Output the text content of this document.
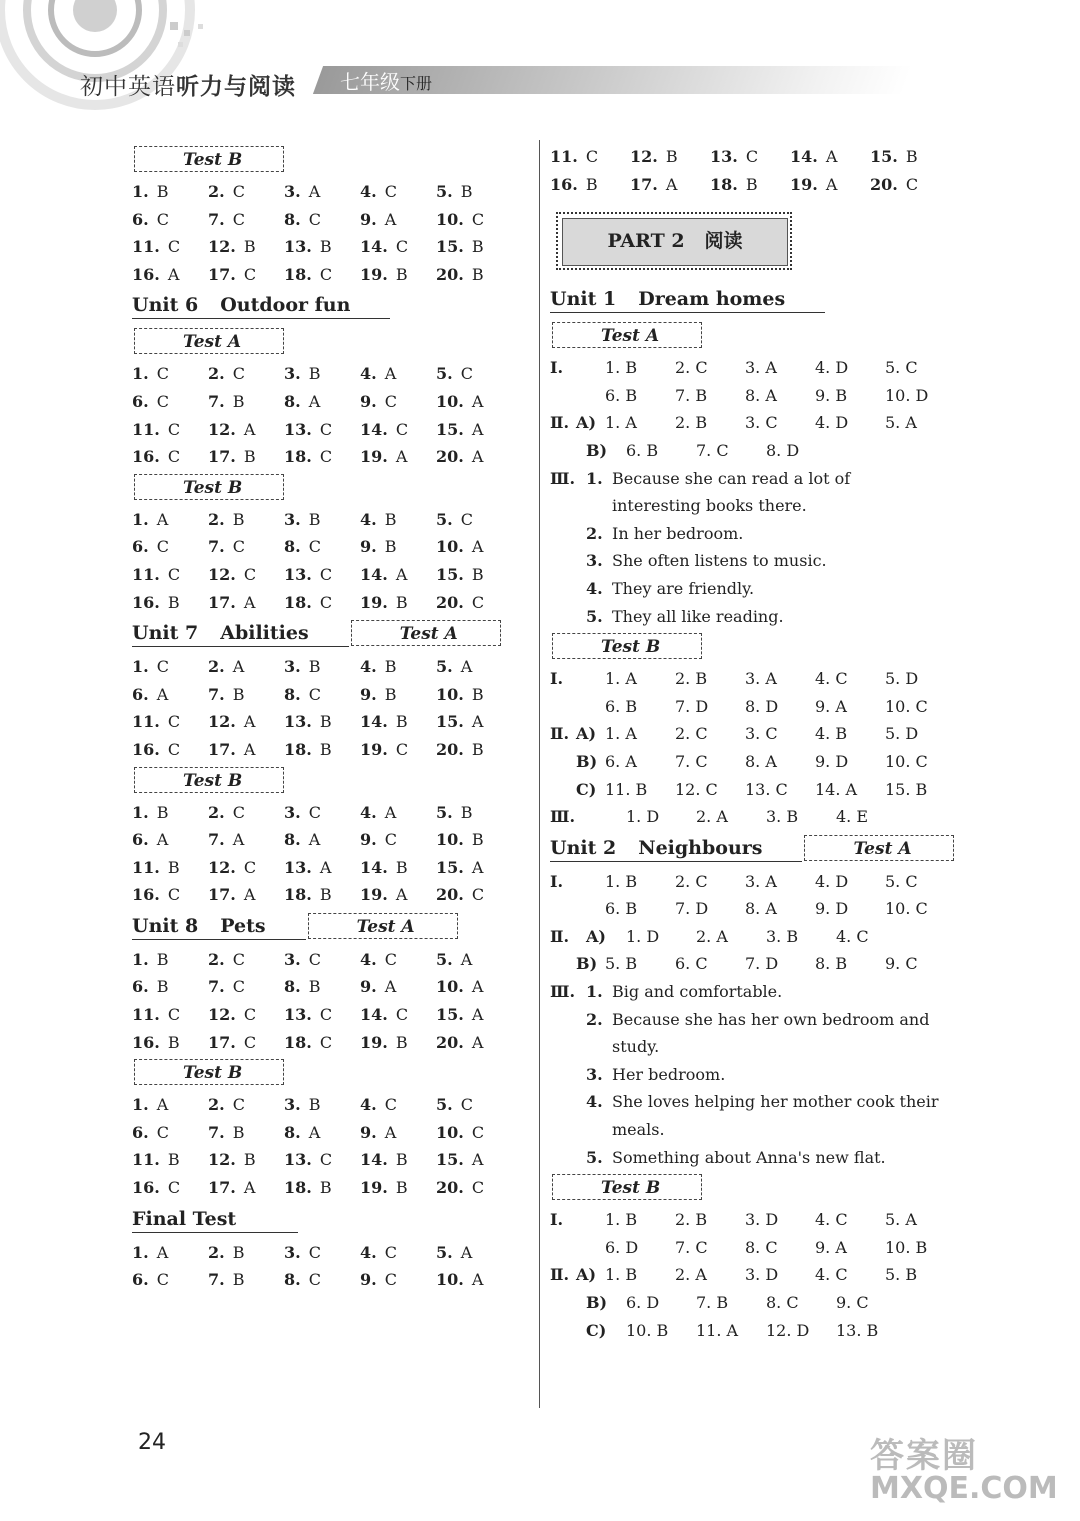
初中英语听力与阅读 七年级下册
Test B
1. B	2. C	3. A	4. C	5. B
6. C	7. C	8. C	9. A	10. C
11. C	12. B	13. B	14. C	15. B
16. A	17. C	18. C	19. B	20. B
Unit 6 Outdoor funTest A
1. C	2. C	3. B	4. A	5. C
6. C	7. B	8. A	9. C	10. A
11. C	12. A	13. C	14. C	15. A
16. C	17. B	18. C	19. A	20. A
Test B
1. A	2. B	3. B	4. B	5. C
6. C	7. C	8. C	9. B	10. A
11. C	12. C	13. C	14. A	15. B
16. B	17. A	18. C	19. B	20. C
Unit 7 Abilities	Test A
1. C	2. A	3. B	4. B	5. A
6. A	7. B	8. C	9. B	10. B
11. C	12. A	13. B	14. B	15. A
16. C	17. A	18. B	19. C	20. B
Test B
1. B	2. C	3. C	4. A	5. B
6. A	7. A	8. A	9. C	10. B
11. B	12. C	13. A	14. B	15. A
16. C	17. A	18. B	19. A	20. C
Unit 8 Pets	Test A
1. B	2. C	3. C	4. C	5. A
6. B	7. C	8. B	9. A	10. A
11. C	12. C	13. C	14. C	15. A
16. B	17. C	18. C	19. B	20. A
Test B
1. A	2. C	3. B	4. C	5. C
6. C	7. B	8. A	9. A	10. C
11. B	12. B	13. C	14. B	15. A
16. C	17. A	18. B	19. B	20. C
Final Test
1. A	2. B	3. C	4. C	5. A
6. C	7. B	8. C	9. C	10. A
11. C	12. B	13. C	14. A	15. B
16. B	17. A	18. B	19. A	20. C
PART 2 阅读
Unit 1 Dream homesTest A
Ⅰ.	1. B	2. C	3. A	4. D	5. C
6. B	7. B	8. A	9. B	10. D
Ⅱ. A) 1. A	2. B	3. C	4. D	5. A
B)	6. B	7. C	8. D
Ⅲ. 1. Because she can read a lot of
interesting books there.
2. In her bedroom.
3. She often listens to music.
4. They are friendly.
5. They all like reading.
Test B
Ⅰ.	1. A	2. B	3. A	4. C	5. D
6. B	7. D	8. D	9. A	10. C
Ⅱ. A) 1. A	2. C	3. C	4. B	5. D
B) 6. A	7. C	8. A	9. D	10. C
C) 11. B	12. C	13. C	14. A	15. B
Ⅲ.	1. D	2. A	3. B	4. E
Unit 2 Neighbours	Test A
Ⅰ.	1. B	2. C	3. A	4. D	5. C
6. B	7. D	8. A	9. D	10. C
Ⅱ.	A)	1. D	2. A	3. B	4. C
B) 5. B	6. C	7. D	8. B	9. C
Ⅲ. 1. Big and comfortable.
2. Because she has her own bedroom and
study.
3. Her bedroom.
4. She loves helping her mother cook their
meals.
5. Something about Anna's new flat.
Test B
Ⅰ.	1. B	2. B	3. D	4. C	5. A
6. D	7. C	8. C	9. A	10. B
Ⅱ. A) 1. B	2. A	3. D	4. C	5. B
B)	6. D	7. B	8. C	9. C
C)	10. B	11. A	12. D	13. B
24	答案圈
MXQE.COM
